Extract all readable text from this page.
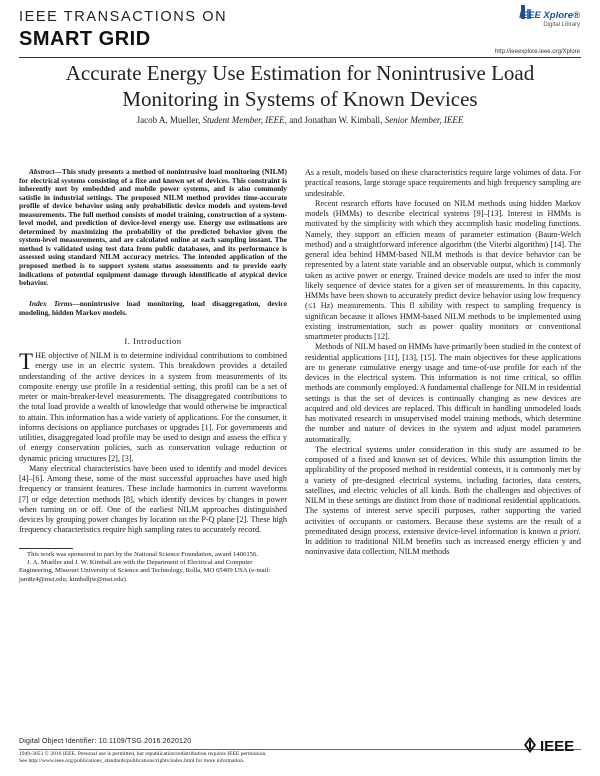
IEEE TRANSACTIONS ON
SMART GRID
IEEE Xplore®
Digital Library
http://ieeexplore.ieee.org/Xplore
Accurate Energy Use Estimation for Nonintrusive Load Monitoring in Systems of Known Devices
Jacob A. Mueller, Student Member, IEEE, and Jonathan W. Kimball, Senior Member, IEEE

Abstract—This study presents a method of nonintrusive load monitoring (NILM) for electrical systems consisting of a fixe and known set of devices. This constraint is inherently met by embedded and mobile power systems, and is also commonly satisfie in industrial settings. The proposed NILM method provides time-accurate profile of device behavior using only probabilistic device models and system-level measurements. The full method consists of model training, construction of a system-level model, and prediction of device-level energy use. Energy use estimations are determined by maximizing the probability of the predicted behavior given the system-level measurements, and are calculated online at each sampling instant. The method is validated using test data from public databases, and its performance is assessed using standard NILM accuracy metrics. The intended application of the proposed method is to support system status assessments and to provide early indications of potential equipment damage through identificatio of atypical device behavior.

Index Terms—nonintrusive load monitoring, load disaggregation, device modeling, hidden Markov models.

I. Introduction

THE objective of NILM is to determine individual contributions to combined energy use in an electric system. This breakdown provides a detailed understanding of the active devices in a system from measurements of its composite energy use profile In a residential setting, this profil can be a set of meter or main-breaker-level measurements. The disaggregated contributions to the total load provide a wealth of knowledge that would otherwise be impractical to attain. This information has a wide variety of applications. For the consumer, it informs decisions on appliance purchases or upgrades [1]. For governments and utilities, disaggregated load profile may be used to design and assess the effica y of energy conservation policies, such as conservation voltage reduction or dynamic pricing structures [2], [3].

Many electrical characteristics have been used to identify and model devices [4]–[6]. Among these, some of the most successful approaches have used high frequency or transient features. These include harmonics in current waveforms [7] or edge detection methods [8], which identify devices by changes in power when turning on or off. One of the earliest NILM approaches distinguished devices by grouping power changes by location on the P-Q plane [2]. These high frequency characteristics require high sampling rates to accurately record.

This work was sponsored in part by the National Science Foundation, award 1406156.

J. A. Mueller and J. W. Kimball are with the Department of Electrical and Computer Engineering, Missouri University of Science and Technology, Rolla, MO 65409 USA (e-mail: jam8z4@mst.edu; kimballjw@mst.edu).

Digital Object Identifier: 10.1109/TSG.2016.2620120

As a result, models based on these characteristics require large volumes of data. For practical reasons, large storage space requirements and high frequency sampling are undesirable.

Recent research efforts have focused on NILM methods using hidden Markov models (HMMs) to describe electrical systems [9]–[13]. Interest in HMMs is motivated by the simplicity with which they accomplish basic modeling functions. Namely, they support an efficien means of parameter estimation (Baum-Welch method) and a straightforward inference algorithm (the Viterbi algorithm) [14]. The general idea behind HMM-based NILM methods is that device behavior can be represented by a latent state variable and an observable output, which is commonly taken as active power or energy. Trained device models are used to infer the most likely sequence of device states for a given set of measurements. In this capacity, HMMs have been shown to accurately predict device behavior using low frequency (≤1 Hz) measurements. This fl xibility with respect to sampling frequency is significan because it allows HMM-based NILM methods to be implemented using existing instrumentation, such as power quality monitors or conventional smartmeter products [12].

Methods of NILM based on HMMs have primarily been studied in the context of residential applications [11], [13], [15]. The main objectives for these applications are to generate cumulative energy usage and time-of-use profile for each of the devices in the electrical system. This information is not time critical, so offlin methods are commonly employed. A fundamental challenge for NILM in residential settings is that the set of devices is continually changing as new devices are acquired and old devices are replaced. This difficult in handling unmodeled loads has motivated research in unsupervised model training methods, which determine the number and nature of devices in the system and adjust model parameters automatically.

The electrical systems under consideration in this study are assumed to be composed of a fixed and known set of devices. While this assumption limits the applicability of the proposed method in residential contexts, it is commonly met by a variety of pre-designed electrical systems, including factories, data centers, satellites, and electric vehicles of all kinds. Both the challenges and objectives of NILM in these settings are distinct from those of traditional residential applications. The systems of interest serve specifi purposes, rather supporting the varied activities of occupants or customers. Because these systems are the result of a premeditated design process, extensive device-level information is known a priori. In addition to traditional NILM benefits such as increased energy efficien y and noninvasive data collection, NILM methods

1949-3053 © 2016 IEEE. Personal use is permitted, but republication/redistribution requires IEEE permission.
See http://www.ieee.org/publications_standards/publications/rights/index.html for more information.
IEEE
